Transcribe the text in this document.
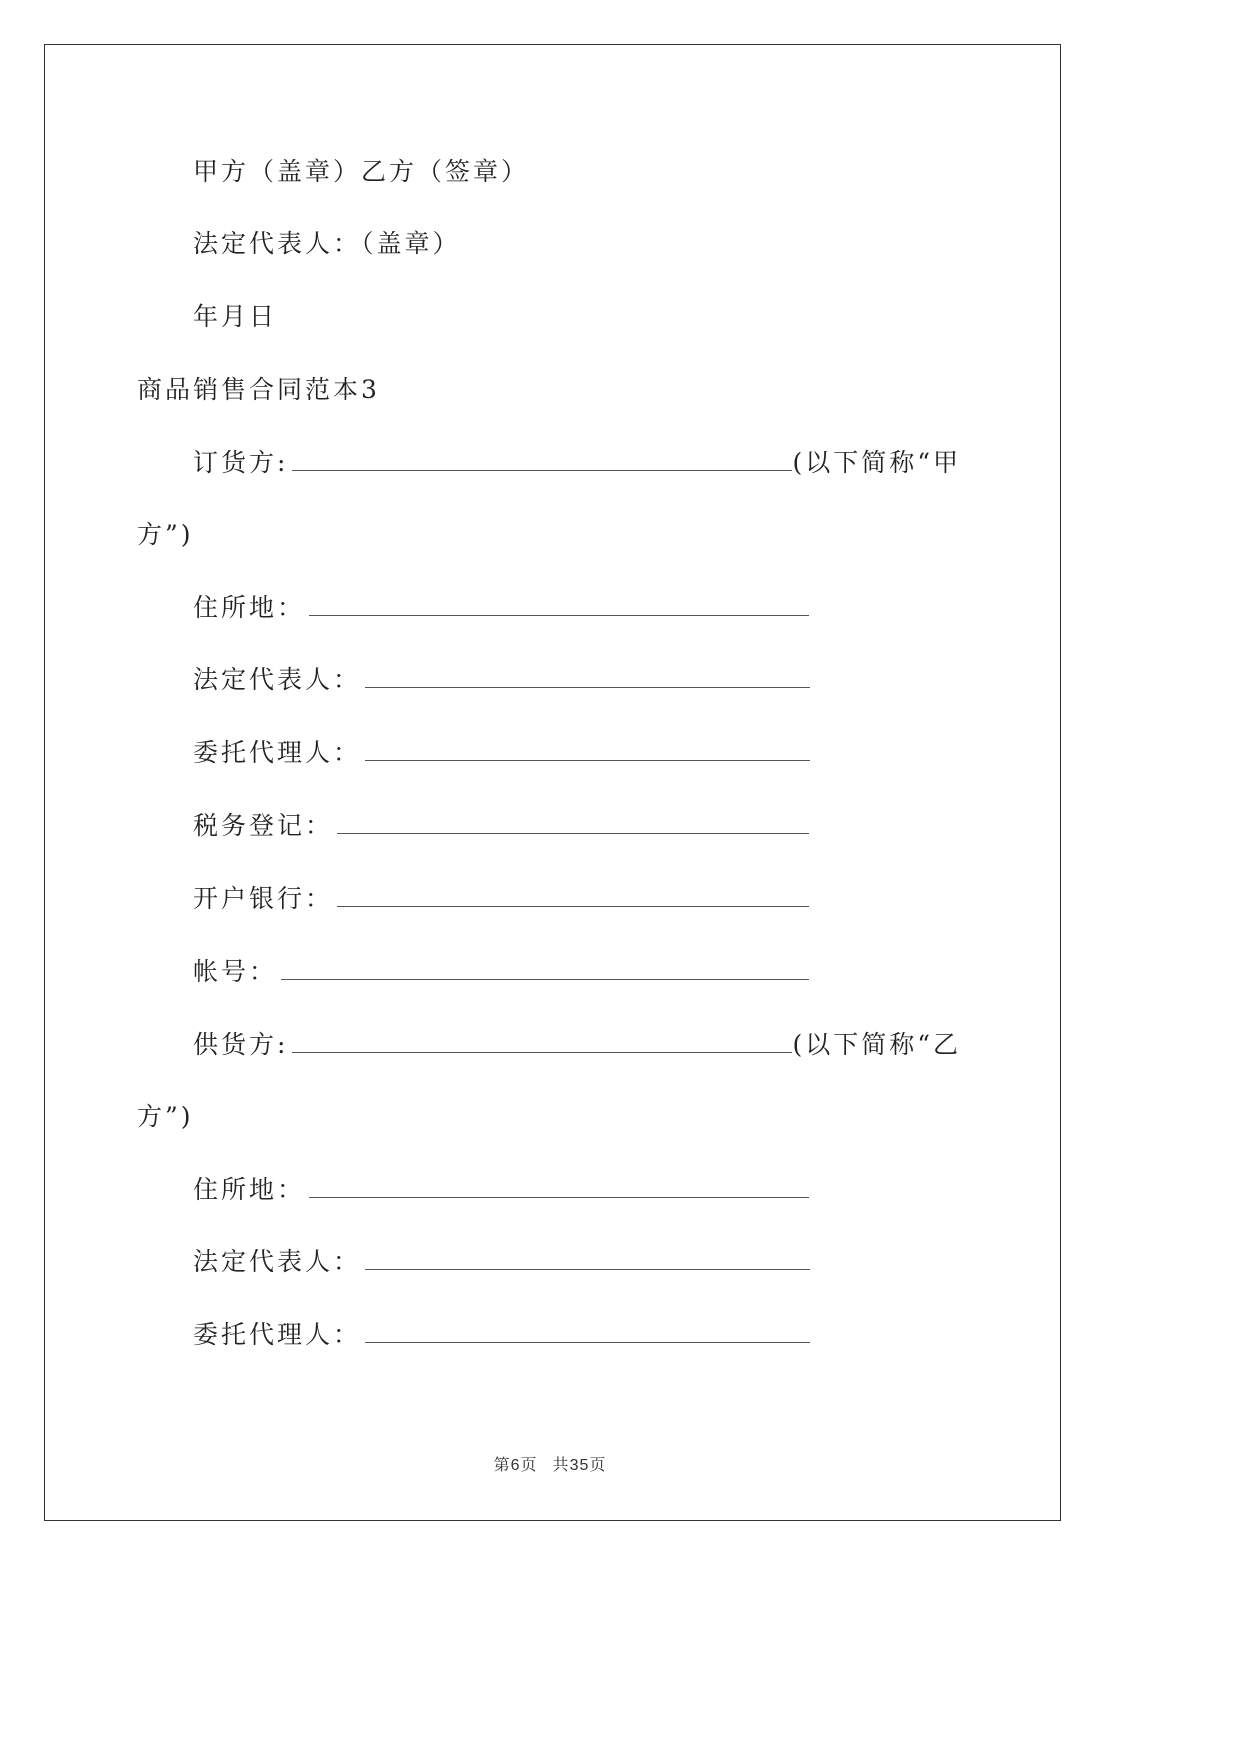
甲方（盖章）乙方（签章）
法定代表人：（盖章）
年月日
商品销售合同范本3
订货方:	(以下简称“甲
方”)
住所地：
法定代表人：
委托代理人：
税务登记：
开户银行：
帐号：
供货方:	(以下简称“乙
方”)
住所地：
法定代表人：
委托代理人：
第6页 共35页
